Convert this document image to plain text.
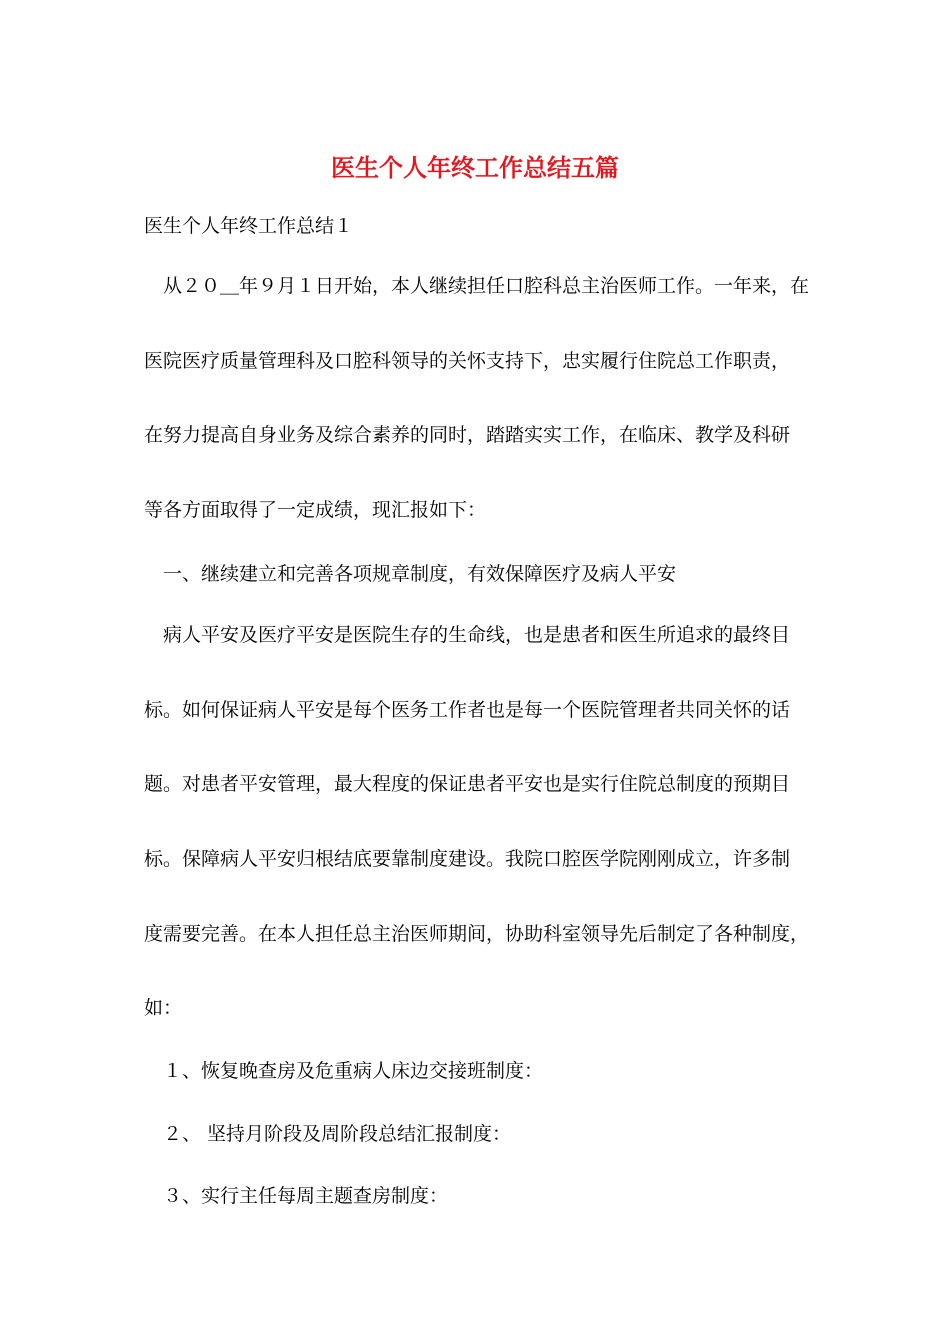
医生个人年终工作总结五篇
医生个人年终工作总结１
从２０＿年９月１日开始，本人继续担任口腔科总主治医师工作。一年来，在
医院医疗质量管理科及口腔科领导的关怀支持下，忠实履行住院总工作职责，
在努力提高自身业务及综合素养的同时，踏踏实实工作，在临床、教学及科研
等各方面取得了一定成绩，现汇报如下：
一、继续建立和完善各项规章制度，有效保障医疗及病人平安
病人平安及医疗平安是医院生存的生命线，也是患者和医生所追求的最终目
标。如何保证病人平安是每个医务工作者也是每一个医院管理者共同关怀的话
题。对患者平安管理，最大程度的保证患者平安也是实行住院总制度的预期目
标。保障病人平安归根结底要靠制度建设。我院口腔医学院刚刚成立，许多制
度需要完善。在本人担任总主治医师期间，协助科室领导先后制定了各种制度，
如：
１、恢复晚查房及危重病人床边交接班制度：
２、 坚持月阶段及周阶段总结汇报制度：
３、实行主任每周主题查房制度：
